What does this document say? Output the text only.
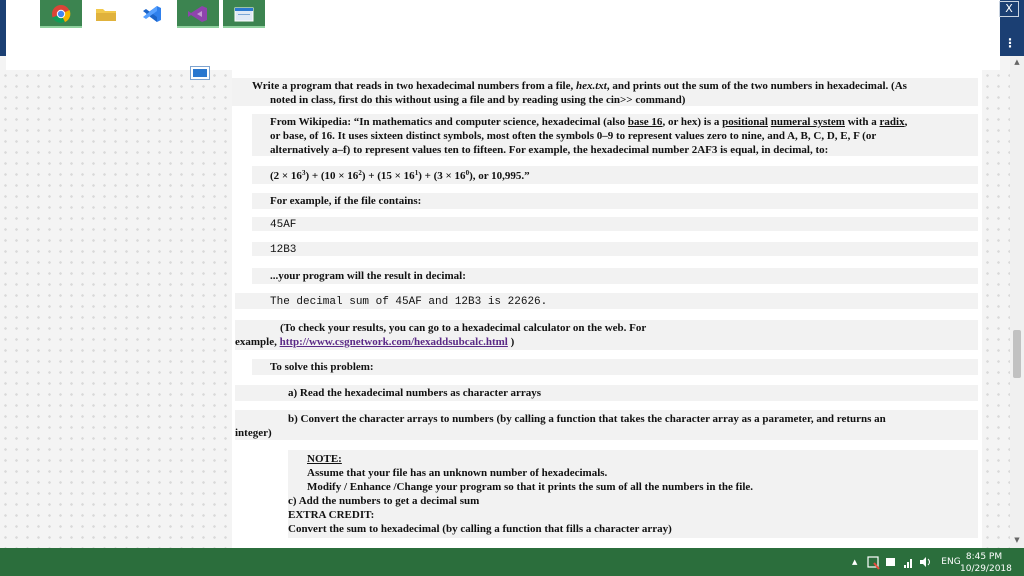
X
⋮
▲
▼
Write a program that reads in two hexadecimal numbers from a file, hex.txt, and prints out the sum of the two numbers in hexadecimal. (As
noted in class, first do this without using a file and by reading using the cin>> command)
From Wikipedia: “In mathematics and computer science, hexadecimal (also base 16, or hex) is a positional numeral system with a radix,
or base, of 16. It uses sixteen distinct symbols, most often the symbols 0–9 to represent values zero to nine, and A, B, C, D, E, F (or
alternatively a–f) to represent values ten to fifteen. For example, the hexadecimal number 2AF3 is equal, in decimal, to:
$(2 \times 16^3) + (10 \times 16^2) + (15 \times 16^1) + (3 \times 16^0)$, or 10,995.”
For example, if the file contains:
45AF
12B3
...your program will the result in decimal:
The decimal sum of 45AF and 12B3 is 22626.
(To check your results, you can go to a hexadecimal calculator on the web. For
example, http://www.csgnetwork.com/hexaddsubcalc.html )
To solve this problem:
a) Read the hexadecimal numbers as character arrays
b) Convert the character arrays to numbers (by calling a function that takes the character array as a parameter, and returns an
integer)
NOTE:
Assume that your file has an unknown number of hexadecimals.
Modify / Enhance /Change your program so that it prints the sum of all the numbers in the file.
c) Add the numbers to get a decimal sum
EXTRA CREDIT:
Convert the sum to hexadecimal (by calling a function that fills a character array)
▲	ENG 8:45 PM
10/29/2018
